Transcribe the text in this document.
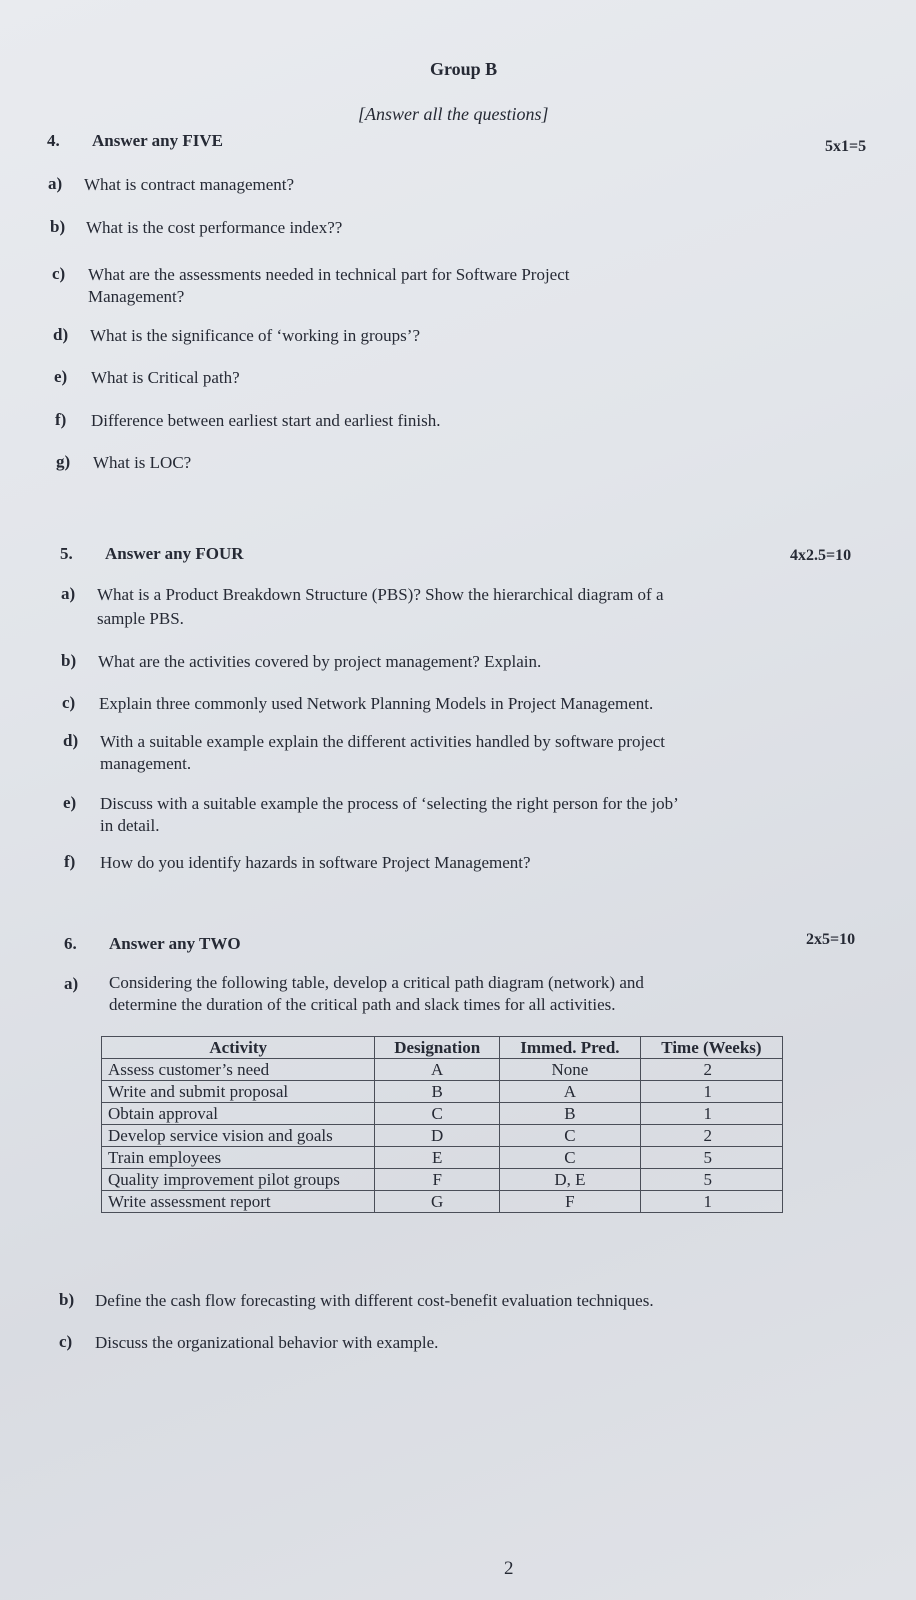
Group B
[Answer all the questions]
4. Answer any FIVE	5x1=5
a) What is contract management?
b) What is the cost performance index??
c) What are the assessments needed in technical part for Software Project
Management?
d) What is the significance of ‘working in groups’?
e) What is Critical path?
f) Difference between earliest start and earliest finish.
g) What is LOC?
5. Answer any FOUR	4x2.5=10
a) What is a Product Breakdown Structure (PBS)? Show the hierarchical diagram of a
sample PBS.
b) What are the activities covered by project management? Explain.
c) Explain three commonly used Network Planning Models in Project Management.
d) With a suitable example explain the different activities handled by software project
management.
e) Discuss with a suitable example the process of ‘selecting the right person for the job’
in detail.
f) How do you identify hazards in software Project Management?
6. Answer any TWO	2x5=10
a) Considering the following table, develop a critical path diagram (network) and
determine the duration of the critical path and slack times for all activities.
Activity	Designation	Immed. Pred.	Time (Weeks)
Assess customer’s need	A	None	2
Write and submit proposal	B	A	1
Obtain approval	C	B	1
Develop service vision and goals	D	C	2
Train employees	E	C	5
Quality improvement pilot groups	F	D, E	5
Write assessment report	G	F	1
b) Define the cash flow forecasting with different cost-benefit evaluation techniques.
c) Discuss the organizational behavior with example.
2
